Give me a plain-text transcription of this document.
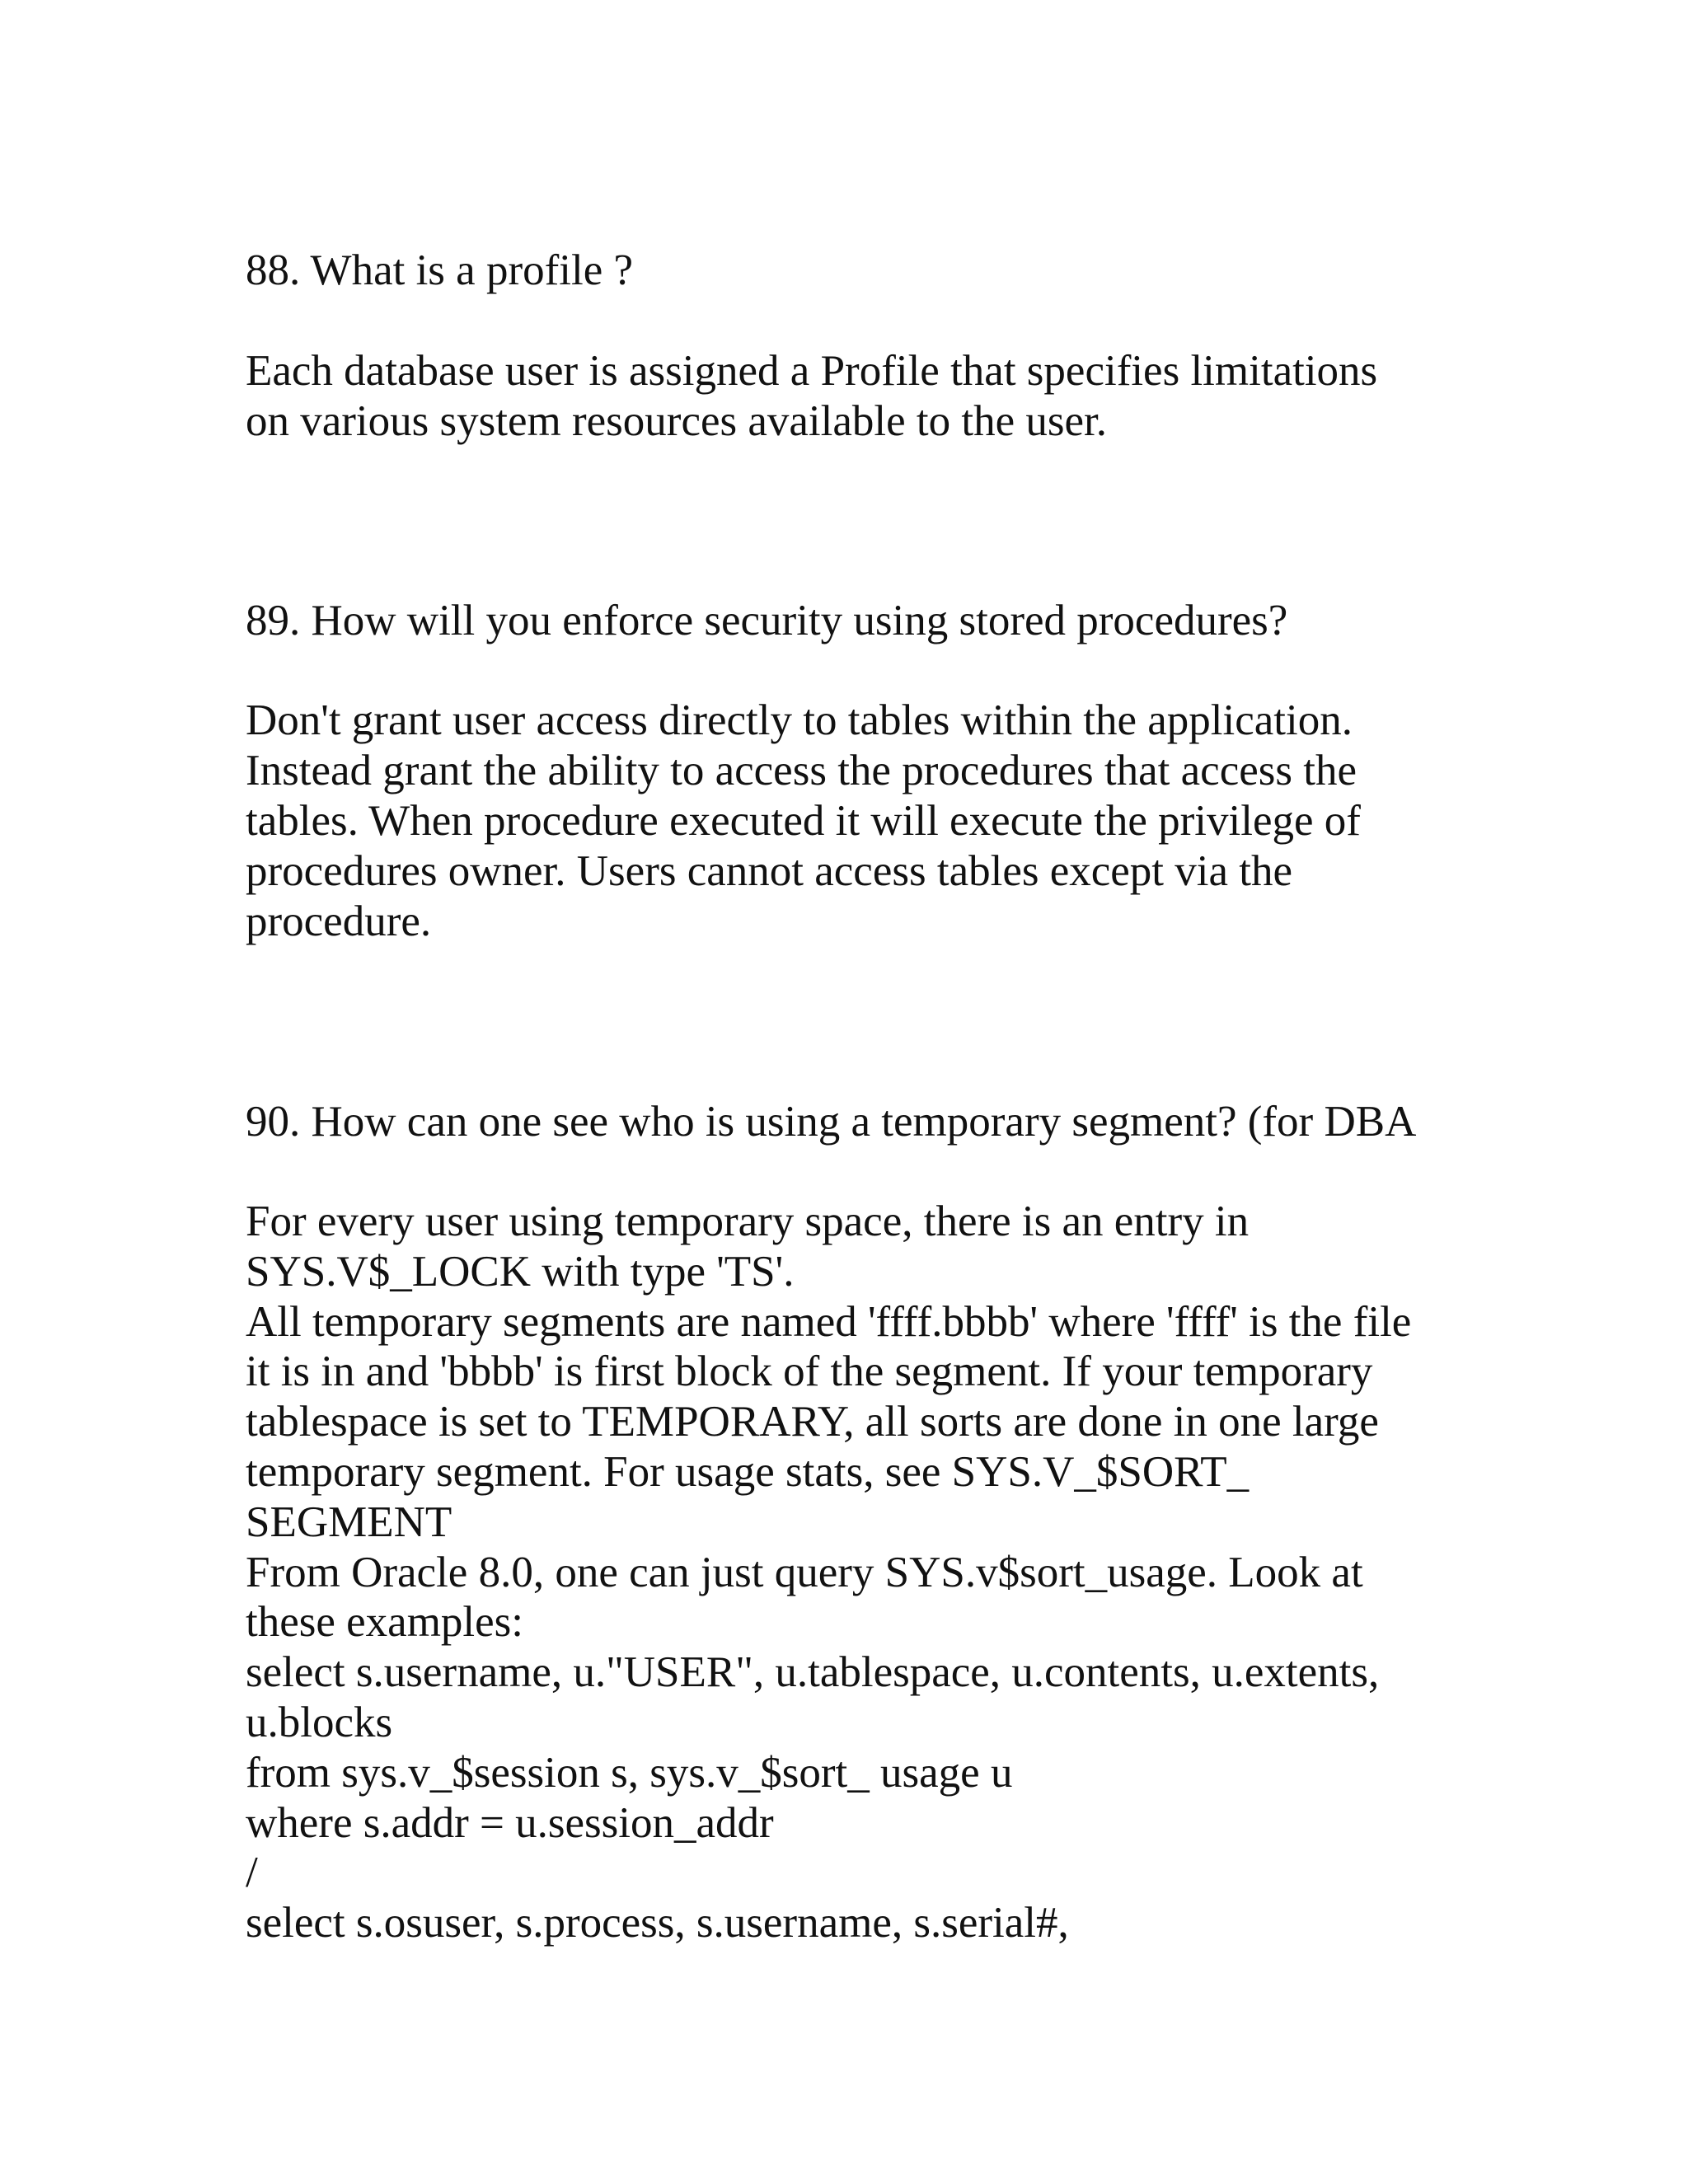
88. What is a profile ?

Each database user is assigned a Profile that specifies limitations

on various system resources available to the user.

89. How will you enforce security using stored procedures?

Don't grant user access directly to tables within the application.

Instead grant the ability to access the procedures that access the

tables. When procedure executed it will execute the privilege of

procedures owner. Users cannot access tables except via the

procedure.

90. How can one see who is using a temporary segment? (for DBA

For every user using temporary space, there is an entry in

SYS.V$_LOCK with type 'TS'.

All temporary segments are named 'ffff.bbbb' where 'ffff' is the file

it is in and 'bbbb' is first block of the segment. If your temporary

tablespace is set to TEMPORARY, all sorts are done in one large

temporary segment. For usage stats, see SYS.V_$SORT_

SEGMENT

From Oracle 8.0, one can just query SYS.v$sort_usage. Look at

these examples:

select s.username, u."USER", u.tablespace, u.contents, u.extents,

u.blocks

from sys.v_$session s, sys.v_$sort_ usage u

where s.addr = u.session_addr

/

select s.osuser, s.process, s.username, s.serial#,
